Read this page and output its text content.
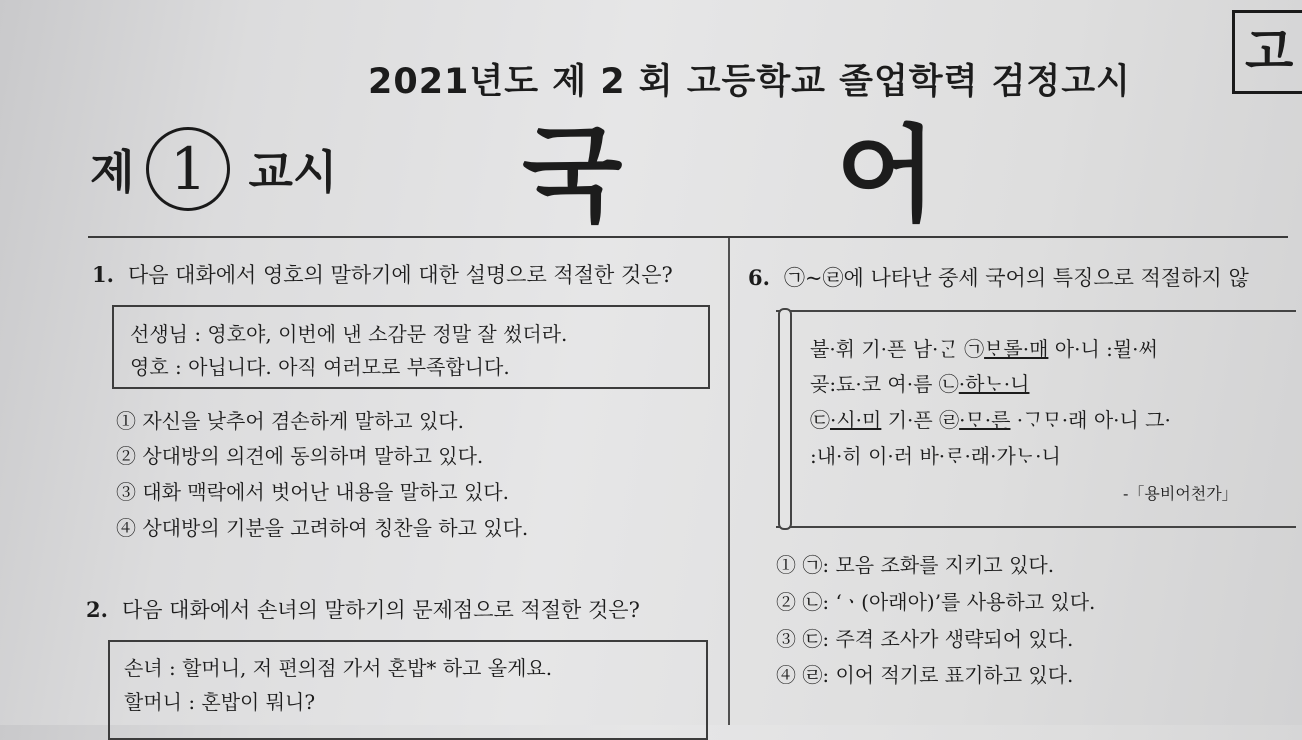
2021년도 제 2 회 고등학교 졸업학력 검정고시
고
제 1 교시 국 어
1. 다음 대화에서 영호의 말하기에 대한 설명으로 적절한 것은?
선생님 : 영호야, 이번에 낸 소감문 정말 잘 썼더라.
영호 : 아닙니다. 아직 여러모로 부족합니다.
① 자신을 낮추어 겸손하게 말하고 있다.
② 상대방의 의견에 동의하며 말하고 있다.
③ 대화 맥락에서 벗어난 내용을 말하고 있다.
④ 상대방의 기분을 고려하여 칭찬을 하고 있다.
2. 다음 대화에서 손녀의 말하기의 문제점으로 적절한 것은?
손녀 : 할머니, 저 편의점 가서 혼밥* 하고 올게요.
할머니 : 혼밥이 뭐니?
6. ㉠~㉣에 나타난 중세 국어의 특징으로 적절하지 않
불·휘 기·픈 남·ᄀᆞᆫ ㉠ᄇᆞ롤·매 아·니 :뮐·써
곶:됴·코 여·름 ㉡·하ᄂᆞ·니
㉢·시·미 기·픈 ㉣·ᄆᆞ·른 ·ᄀᆞᄆᆞ·래 아·니 그·
:내·히 이·러 바·ᄅᆞ·래·가ᄂᆞ·니
-「용비어천가」
① ㉠: 모음 조화를 지키고 있다.
② ㉡: ‘ㆍ(아래아)’를 사용하고 있다.
③ ㉢: 주격 조사가 생략되어 있다.
④ ㉣: 이어 적기로 표기하고 있다.
